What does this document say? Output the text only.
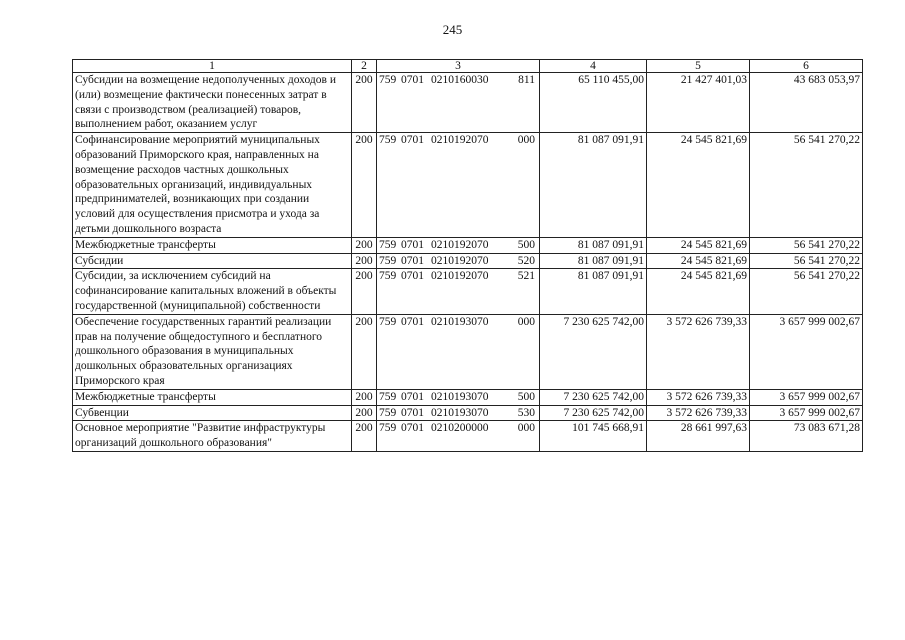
245
1	2	3	4	5	6
Субсидии на возмещение недополученных доходов и (или) возмещение фактически понесенных затрат в связи с производством (реализацией) товаров, выполнением работ, оказанием услуг	200	759 0701 0210160030 811	65 110 455,00	21 427 401,03	43 683 053,97
Софинансирование мероприятий муниципальных образований Приморского края, направленных на возмещение расходов частных дошкольных образовательных организаций, индивидуальных предпринимателей, возникающих при создании условий для осуществления присмотра и ухода за детьми дошкольного возраста	200	759 0701 0210192070 000	81 087 091,91	24 545 821,69	56 541 270,22
Межбюджетные трансферты	200	759 0701 0210192070 500	81 087 091,91	24 545 821,69	56 541 270,22
Субсидии	200	759 0701 0210192070 520	81 087 091,91	24 545 821,69	56 541 270,22
Субсидии, за исключением субсидий на софинансирование капитальных вложений в объекты государственной (муниципальной) собственности	200	759 0701 0210192070 521	81 087 091,91	24 545 821,69	56 541 270,22
Обеспечение государственных гарантий реализации прав на получение общедоступного и бесплатного дошкольного образования в муниципальных дошкольных образовательных организациях Приморского края	200	759 0701 0210193070 000	7 230 625 742,00	3 572 626 739,33	3 657 999 002,67
Межбюджетные трансферты	200	759 0701 0210193070 500	7 230 625 742,00	3 572 626 739,33	3 657 999 002,67
Субвенции	200	759 0701 0210193070 530	7 230 625 742,00	3 572 626 739,33	3 657 999 002,67
Основное мероприятие "Развитие инфраструктуры организаций дошкольного образования"	200	759 0701 0210200000 000	101 745 668,91	28 661 997,63	73 083 671,28
